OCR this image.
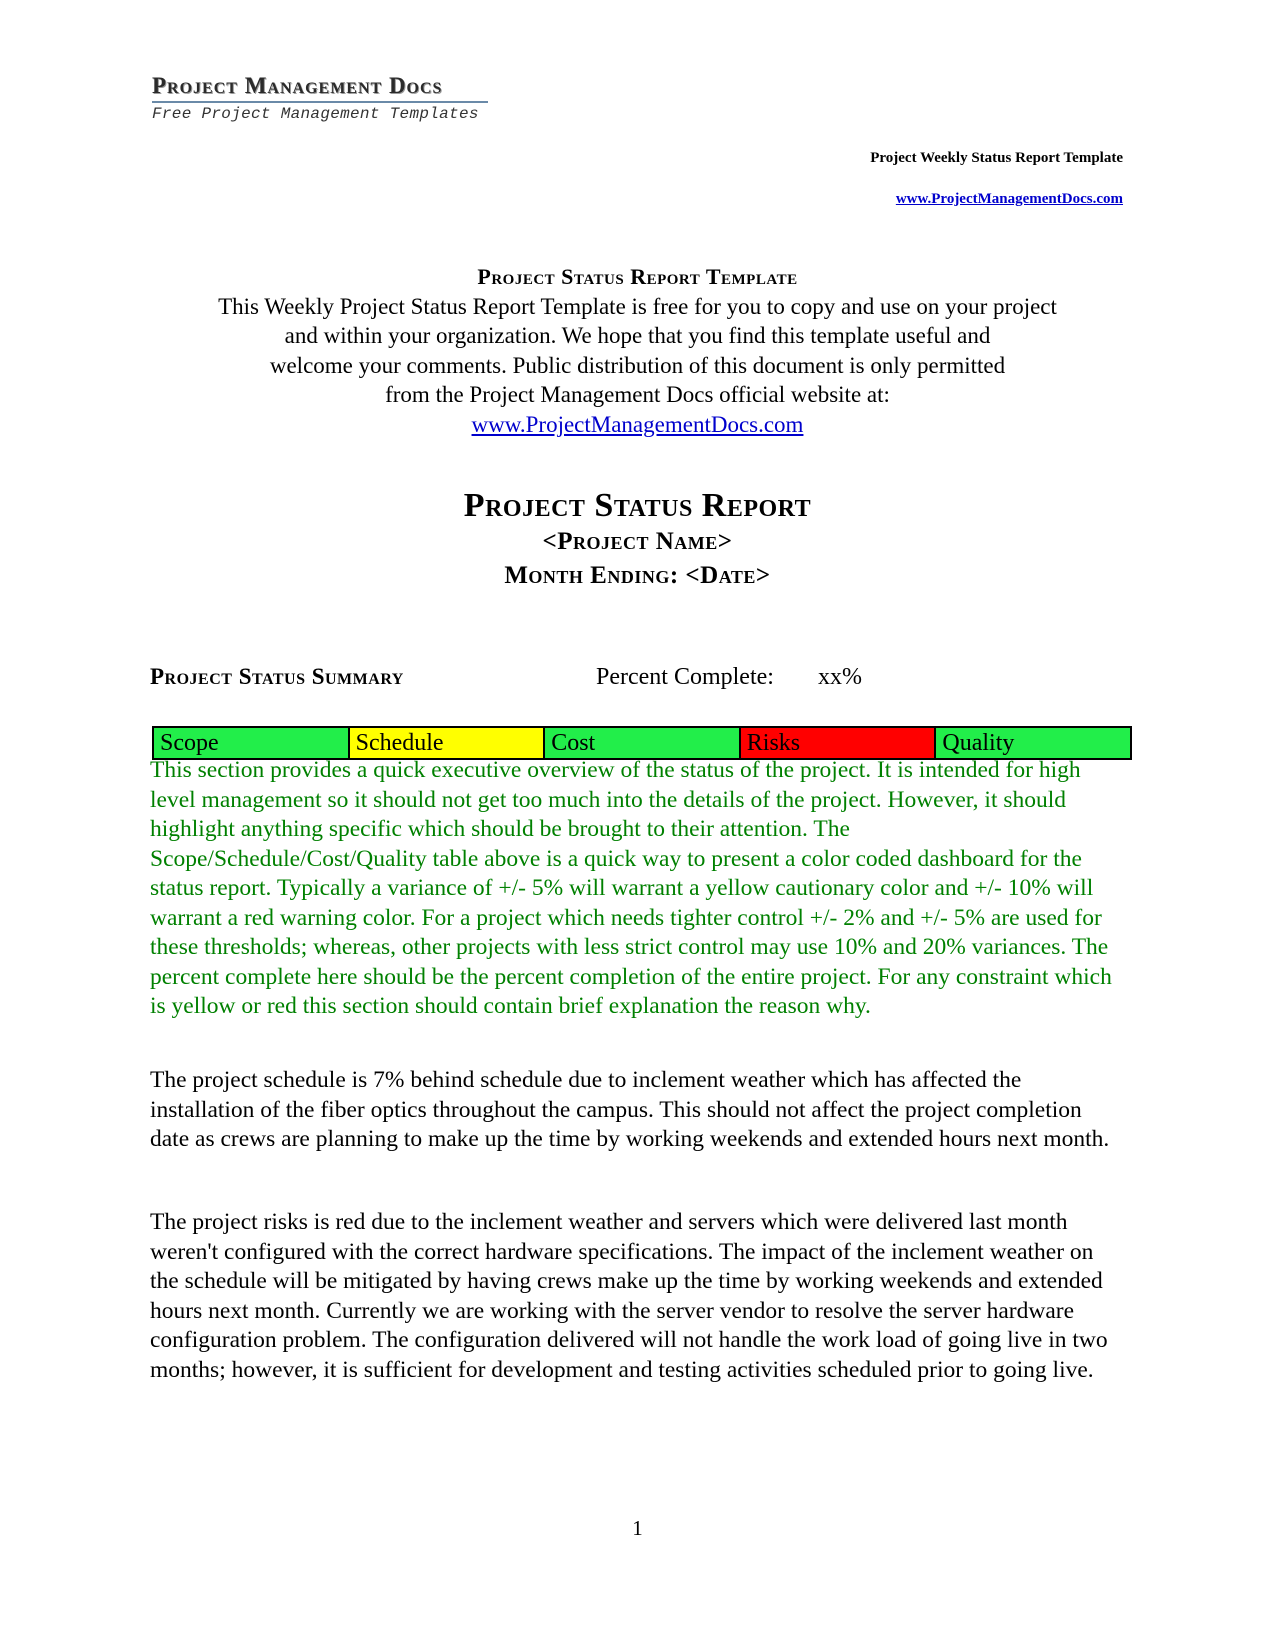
Project Management Docs
Free Project Management Templates
Project Weekly Status Report Template
www.ProjectManagementDocs.com
Project Status Report Template
This Weekly Project Status Report Template is free for you to copy and use on your project
and within your organization. We hope that you find this template useful and
welcome your comments. Public distribution of this document is only permitted
from the Project Management Docs official website at:
www.ProjectManagementDocs.com
Project Status Report
<Project Name>
Month Ending: <Date>
Project Status Summary	Percent Complete: xx%
Scope	Schedule	Cost	Risks	Quality

This section provides a quick executive overview of the status of the project. It is intended for high level management so it should not get too much into the details of the project. However, it should highlight anything specific which should be brought to their attention. The Scope/Schedule/Cost/Quality table above is a quick way to present a color coded dashboard for the status report. Typically a variance of +/- 5% will warrant a yellow cautionary color and +/- 10% will warrant a red warning color. For a project which needs tighter control +/- 2% and +/- 5% are used for these thresholds; whereas, other projects with less strict control may use 10% and 20% variances. The percent complete here should be the percent completion of the entire project. For any constraint which is yellow or red this section should contain brief explanation the reason why.

The project schedule is 7% behind schedule due to inclement weather which has affected the installation of the fiber optics throughout the campus. This should not affect the project completion date as crews are planning to make up the time by working weekends and extended hours next month.

The project risks is red due to the inclement weather and servers which were delivered last month weren't configured with the correct hardware specifications. The impact of the inclement weather on the schedule will be mitigated by having crews make up the time by working weekends and extended hours next month. Currently we are working with the server vendor to resolve the server hardware configuration problem. The configuration delivered will not handle the work load of going live in two months; however, it is sufficient for development and testing activities scheduled prior to going live.

1
